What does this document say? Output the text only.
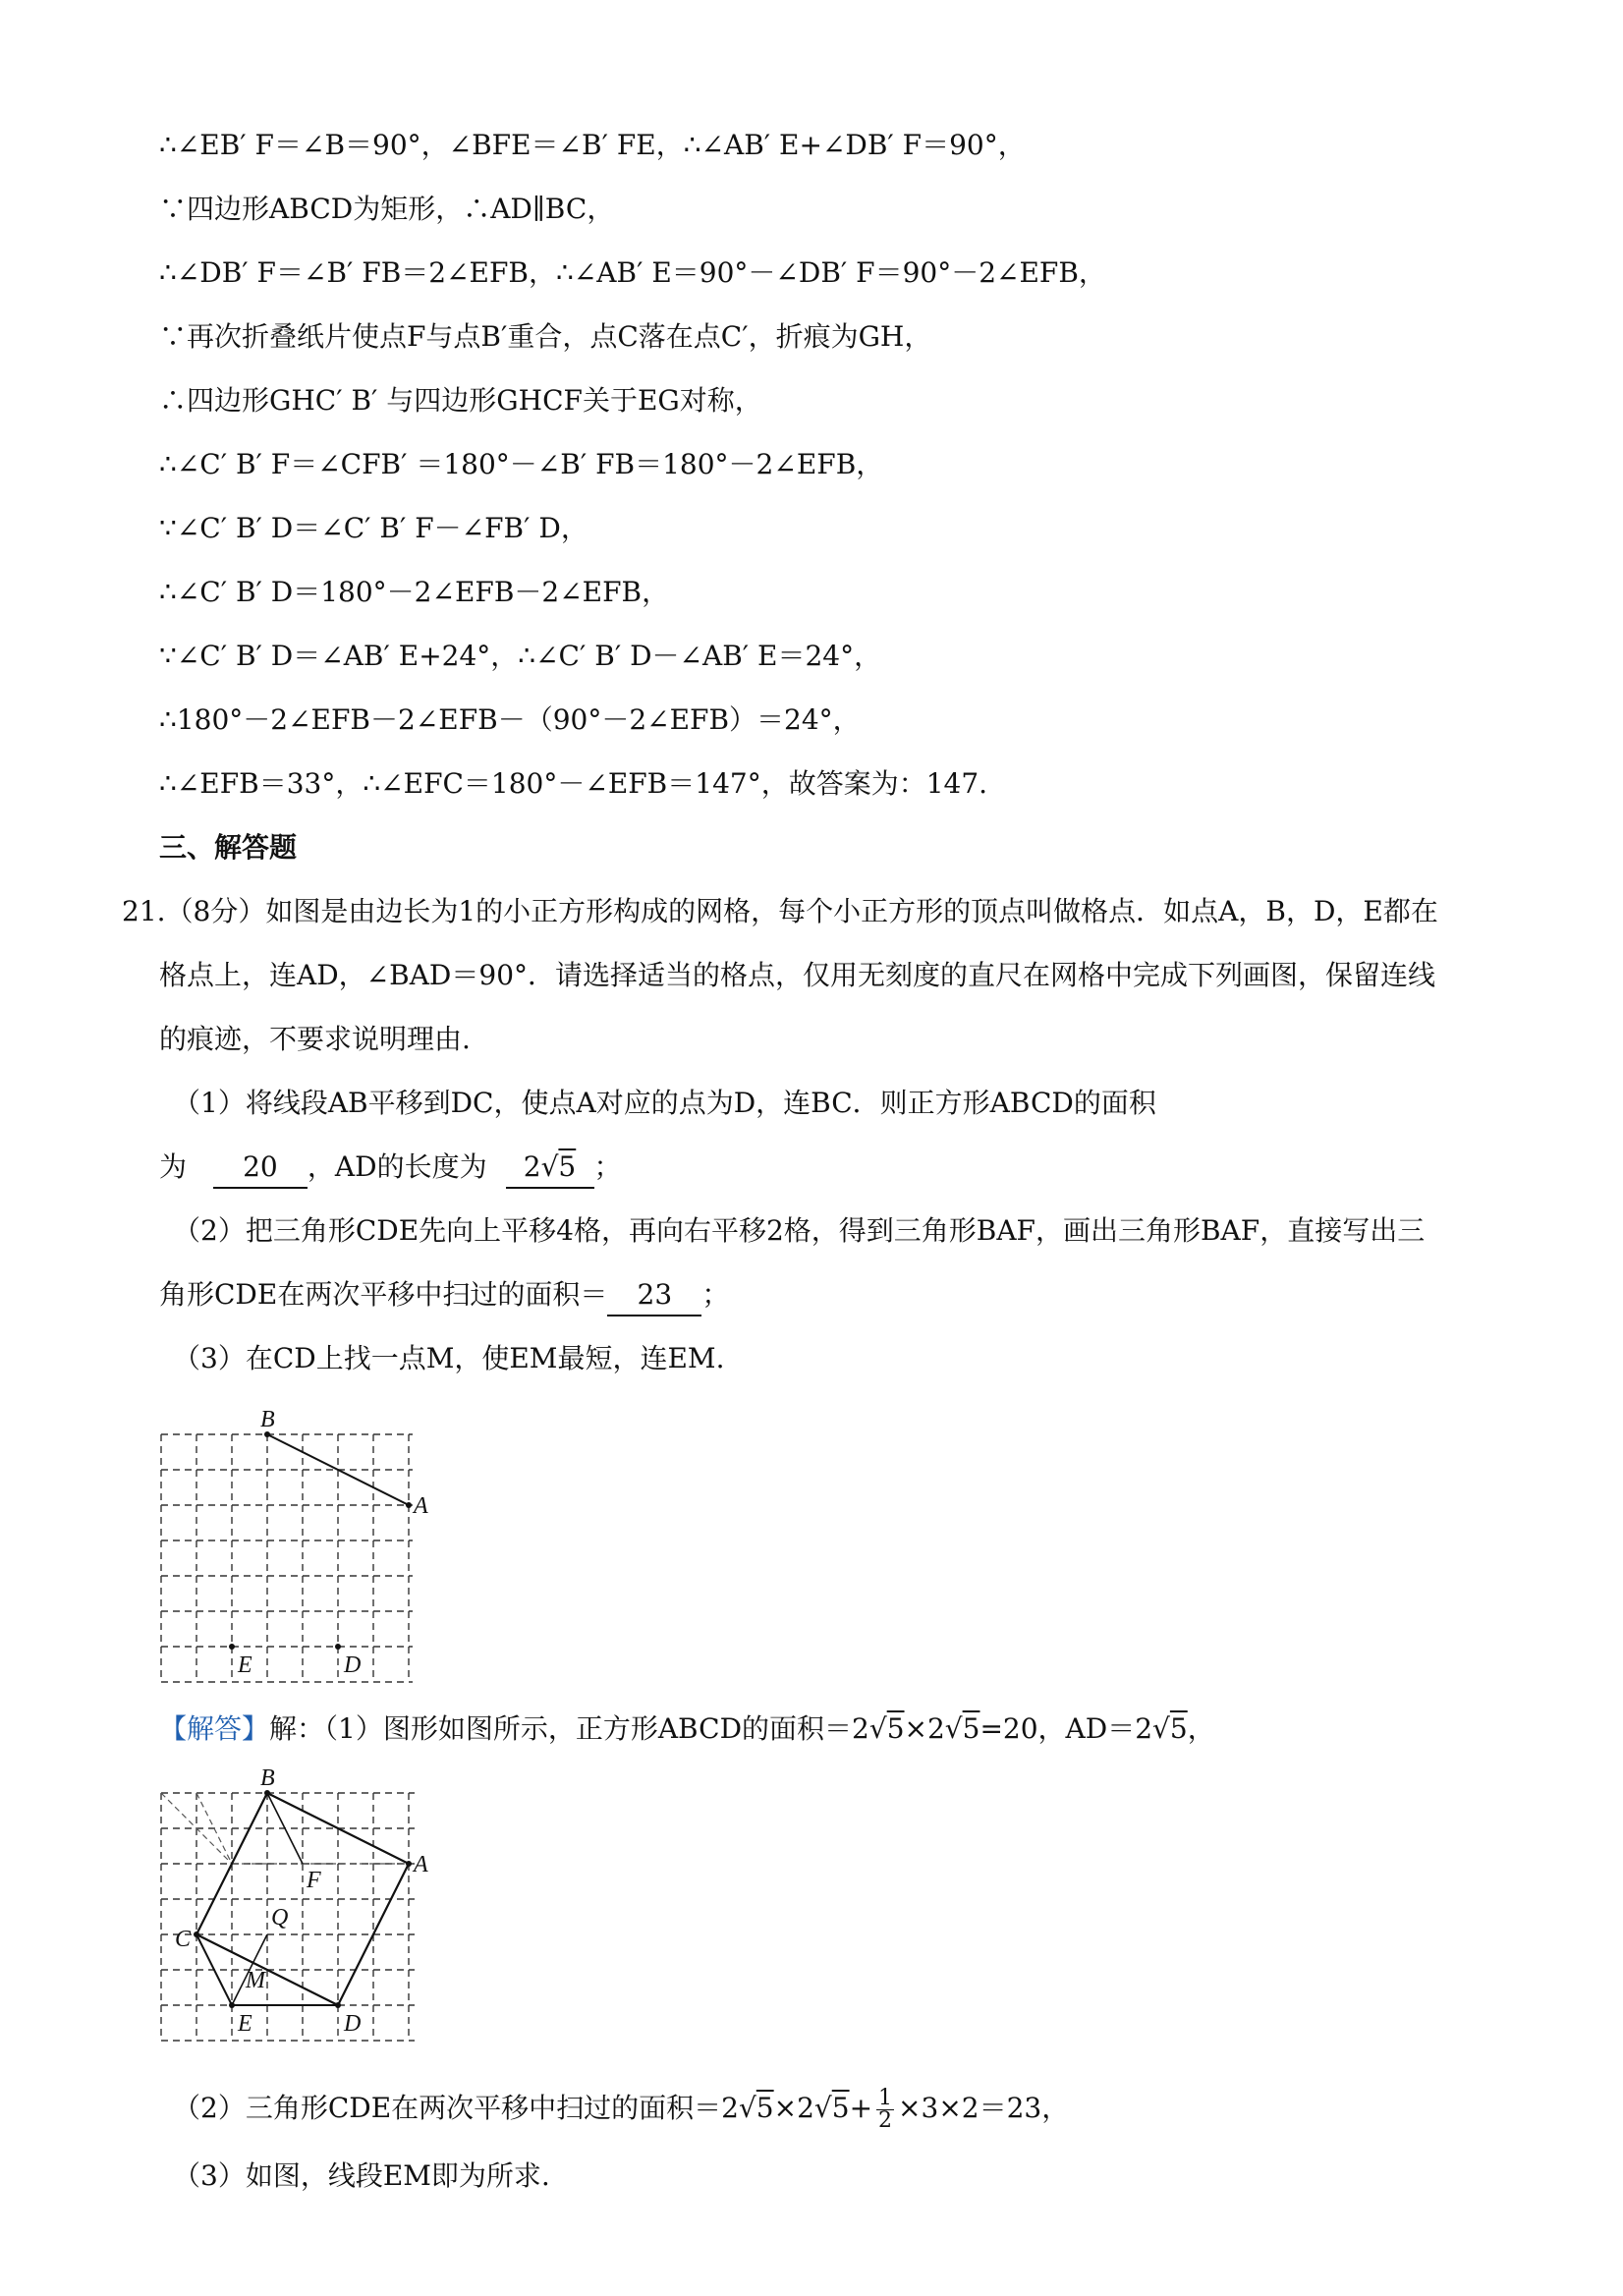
∴∠EB′ F＝∠B＝90°，∠BFE＝∠B′ FE，∴∠AB′ E+∠DB′ F＝90°，
∵四边形ABCD为矩形，∴AD∥BC，
∴∠DB′ F＝∠B′ FB＝2∠EFB，∴∠AB′ E＝90°－∠DB′ F＝90°－2∠EFB，
∵再次折叠纸片使点F与点B′重合，点C落在点C′，折痕为GH，
∴四边形GHC′ B′ 与四边形GHCF关于EG对称，
∴∠C′ B′ F＝∠CFB′ ＝180°－∠B′ FB＝180°－2∠EFB，
∵∠C′ B′ D＝∠C′ B′ F－∠FB′ D，
∴∠C′ B′ D＝180°－2∠EFB－2∠EFB，
∵∠C′ B′ D＝∠AB′ E+24°，∴∠C′ B′ D－∠AB′ E＝24°，
∴180°－2∠EFB－2∠EFB－（90°－2∠EFB）＝24°，
∴∠EFB＝33°，∴∠EFC＝180°－∠EFB＝147°，故答案为：147.
三、解答题
21.（8分）如图是由边长为1的小正方形构成的网格，每个小正方形的顶点叫做格点．如点A，B，D，E都在
格点上，连AD，∠BAD＝90°．请选择适当的格点，仅用无刻度的直尺在网格中完成下列画图，保留连线
的痕迹，不要求说明理由.
（1）将线段AB平移到DC，使点A对应的点为D，连BC．则正方形ABCD的面积
为 20 ，AD的长度为 2√5 ；
（2）把三角形CDE先向上平移4格，再向右平移2格，得到三角形BAF，画出三角形BAF，直接写出三
角形CDE在两次平移中扫过的面积＝ 23 ；
（3）在CD上找一点M，使EM最短，连EM.
B
A
E	D
【解答】解：（1）图形如图所示，正方形ABCD的面积＝2√5×2√5=20，AD＝2√5，
B
A
F
Q
C
M
E	D
（2）三角形CDE在两次平移中扫过的面积$=2√5\times 2√5+ \frac{1}{2} \times 3\times 2=23$，
（3）如图，线段EM即为所求.
